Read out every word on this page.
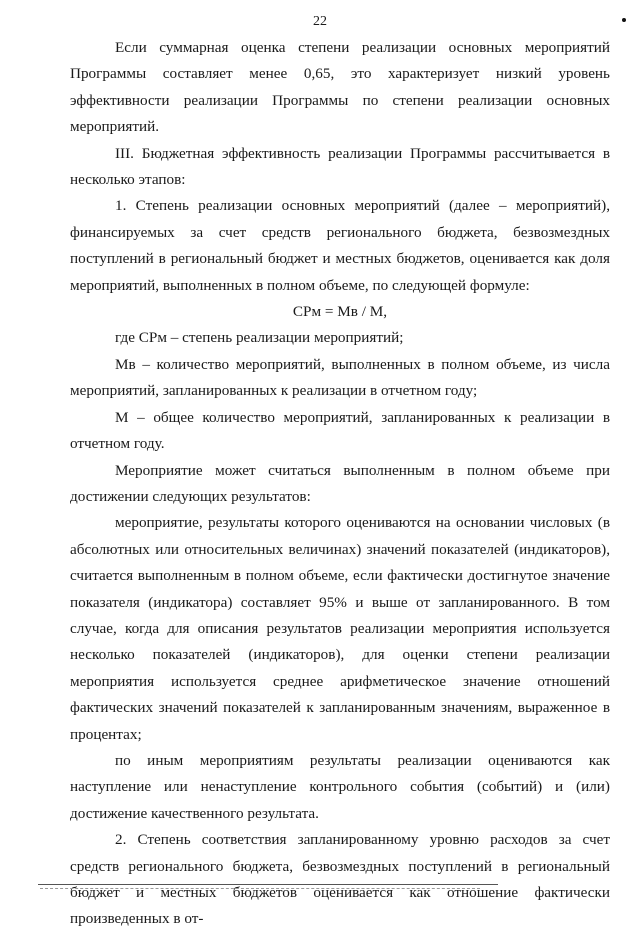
22

Если суммарная оценка степени реализации основных мероприятий Программы составляет менее 0,65, это характеризует низкий уровень эффективности реализации Программы по степени реализации основных мероприятий.

III. Бюджетная эффективность реализации Программы рассчитывается в несколько этапов:

1. Степень реализации основных мероприятий (далее – мероприятий), финансируемых за счет средств регионального бюджета, безвозмездных поступлений в региональный бюджет и местных бюджетов, оценивается как доля мероприятий, выполненных в полном объеме, по следующей формуле:

СРм = Мв / М,

где СРм – степень реализации мероприятий;

Мв – количество мероприятий, выполненных в полном объеме, из числа мероприятий, запланированных к реализации в отчетном году;

М – общее количество мероприятий, запланированных к реализации в отчетном году.

Мероприятие может считаться выполненным в полном объеме при достижении следующих результатов:

мероприятие, результаты которого оцениваются на основании числовых (в абсолютных или относительных величинах) значений показателей (индикаторов), считается выполненным в полном объеме, если фактически достигнутое значение показателя (индикатора) составляет 95% и выше от запланированного. В том случае, когда для описания результатов реализации мероприятия используется несколько показателей (индикаторов), для оценки степени реализации мероприятия используется среднее арифметическое значение отношений фактических значений показателей к запланированным значениям, выраженное в процентах;

по иным мероприятиям результаты реализации оцениваются как наступление или ненаступление контрольного события (событий) и (или) достижение качественного результата.

2. Степень соответствия запланированному уровню расходов за счет средств регионального бюджета, безвозмездных поступлений в региональный бюджет и местных бюджетов оценивается как отношение фактически произведенных в от-
